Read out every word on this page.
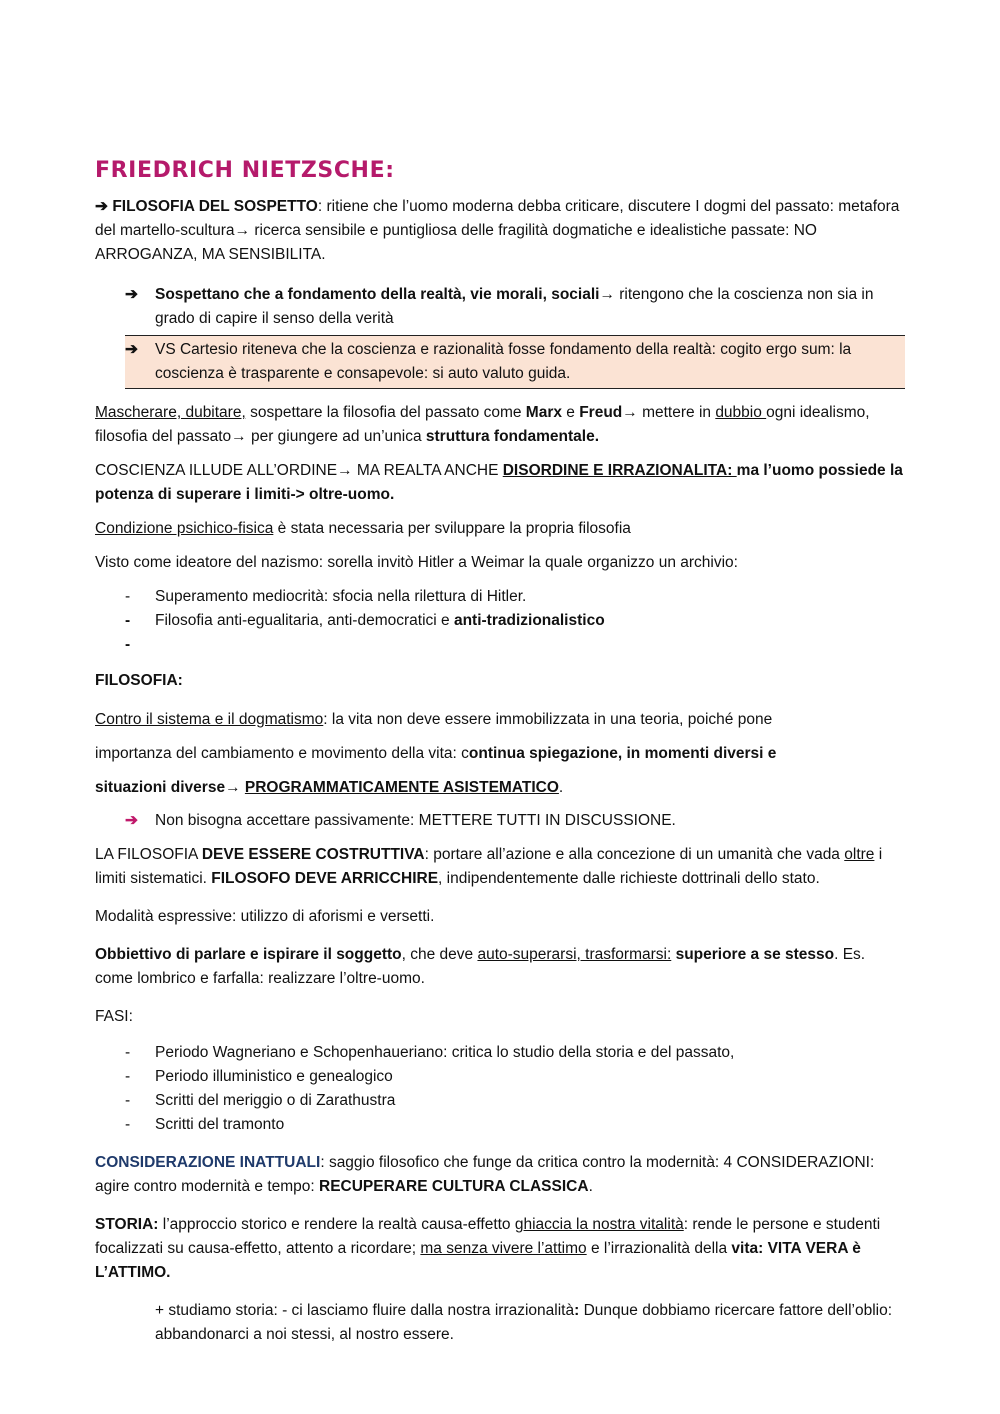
FRIEDRICH NIETZSCHE:

➔ FILOSOFIA DEL SOSPETTO: ritiene che l’uomo moderna debba criticare, discutere I dogmi del passato: metafora del martello-scultura→ ricerca sensibile e puntigliosa delle fragilità dogmatiche e idealistiche passate: NO ARROGANZA, MA SENSIBILITA.

➔	Sospettano che a fondamento della realtà, vie morali, sociali→ ritengono che la coscienza non sia in grado di capire il senso della verità
➔	VS Cartesio riteneva che la coscienza e razionalità fosse fondamento della realtà: cogito ergo sum: la coscienza è trasparente e consapevole: si auto valuto guida.

Mascherare, dubitare, sospettare la filosofia del passato come Marx e Freud→ mettere in dubbio ogni idealismo, filosofia del passato→ per giungere ad un’unica struttura fondamentale.

COSCIENZA ILLUDE ALL’ORDINE→ MA REALTA ANCHE DISORDINE E IRRAZIONALITA: ma l’uomo possiede la potenza di superare i limiti-> oltre-uomo.

Condizione psichico-fisica è stata necessaria per sviluppare la propria filosofia

Visto come ideatore del nazismo: sorella invitò Hitler a Weimar la quale organizzo un archivio:

-	Superamento mediocrità: sfocia nella rilettura di Hitler.
-	Filosofia anti-egualitaria, anti-democratici e anti-tradizionalistico
-

FILOSOFIA:

Contro il sistema e il dogmatismo: la vita non deve essere immobilizzata in una teoria, poiché pone

importanza del cambiamento e movimento della vita: continua spiegazione, in momenti diversi e

situazioni diverse→ PROGRAMMATICAMENTE ASISTEMATICO.

➔	Non bisogna accettare passivamente: METTERE TUTTI IN DISCUSSIONE.

LA FILOSOFIA DEVE ESSERE COSTRUTTIVA: portare all’azione e alla concezione di un umanità che vada oltre i limiti sistematici. FILOSOFO DEVE ARRICCHIRE, indipendentemente dalle richieste dottrinali dello stato.

Modalità espressive: utilizzo di aforismi e versetti.

Obbiettivo di parlare e ispirare il soggetto, che deve auto-superarsi, trasformarsi: superiore a se stesso. Es. come lombrico e farfalla: realizzare l’oltre-uomo.

FASI:

-	Periodo Wagneriano e Schopenhaueriano: critica lo studio della storia e del passato,
-	Periodo illuministico e genealogico
-	Scritti del meriggio o di Zarathustra
-	Scritti del tramonto

CONSIDERAZIONE INATTUALI: saggio filosofico che funge da critica contro la modernità: 4 CONSIDERAZIONI: agire contro modernità e tempo: RECUPERARE CULTURA CLASSICA.

STORIA: l’approccio storico e rendere la realtà causa-effetto ghiaccia la nostra vitalità: rende le persone e studenti focalizzati su causa-effetto, attento a ricordare; ma senza vivere l’attimo e l’irrazionalità della vita: VITA VERA è L’ATTIMO.

+ studiamo storia: - ci lasciamo fluire dalla nostra irrazionalità: Dunque dobbiamo ricercare fattore dell’oblio: abbandonarci a noi stessi, al nostro essere.
